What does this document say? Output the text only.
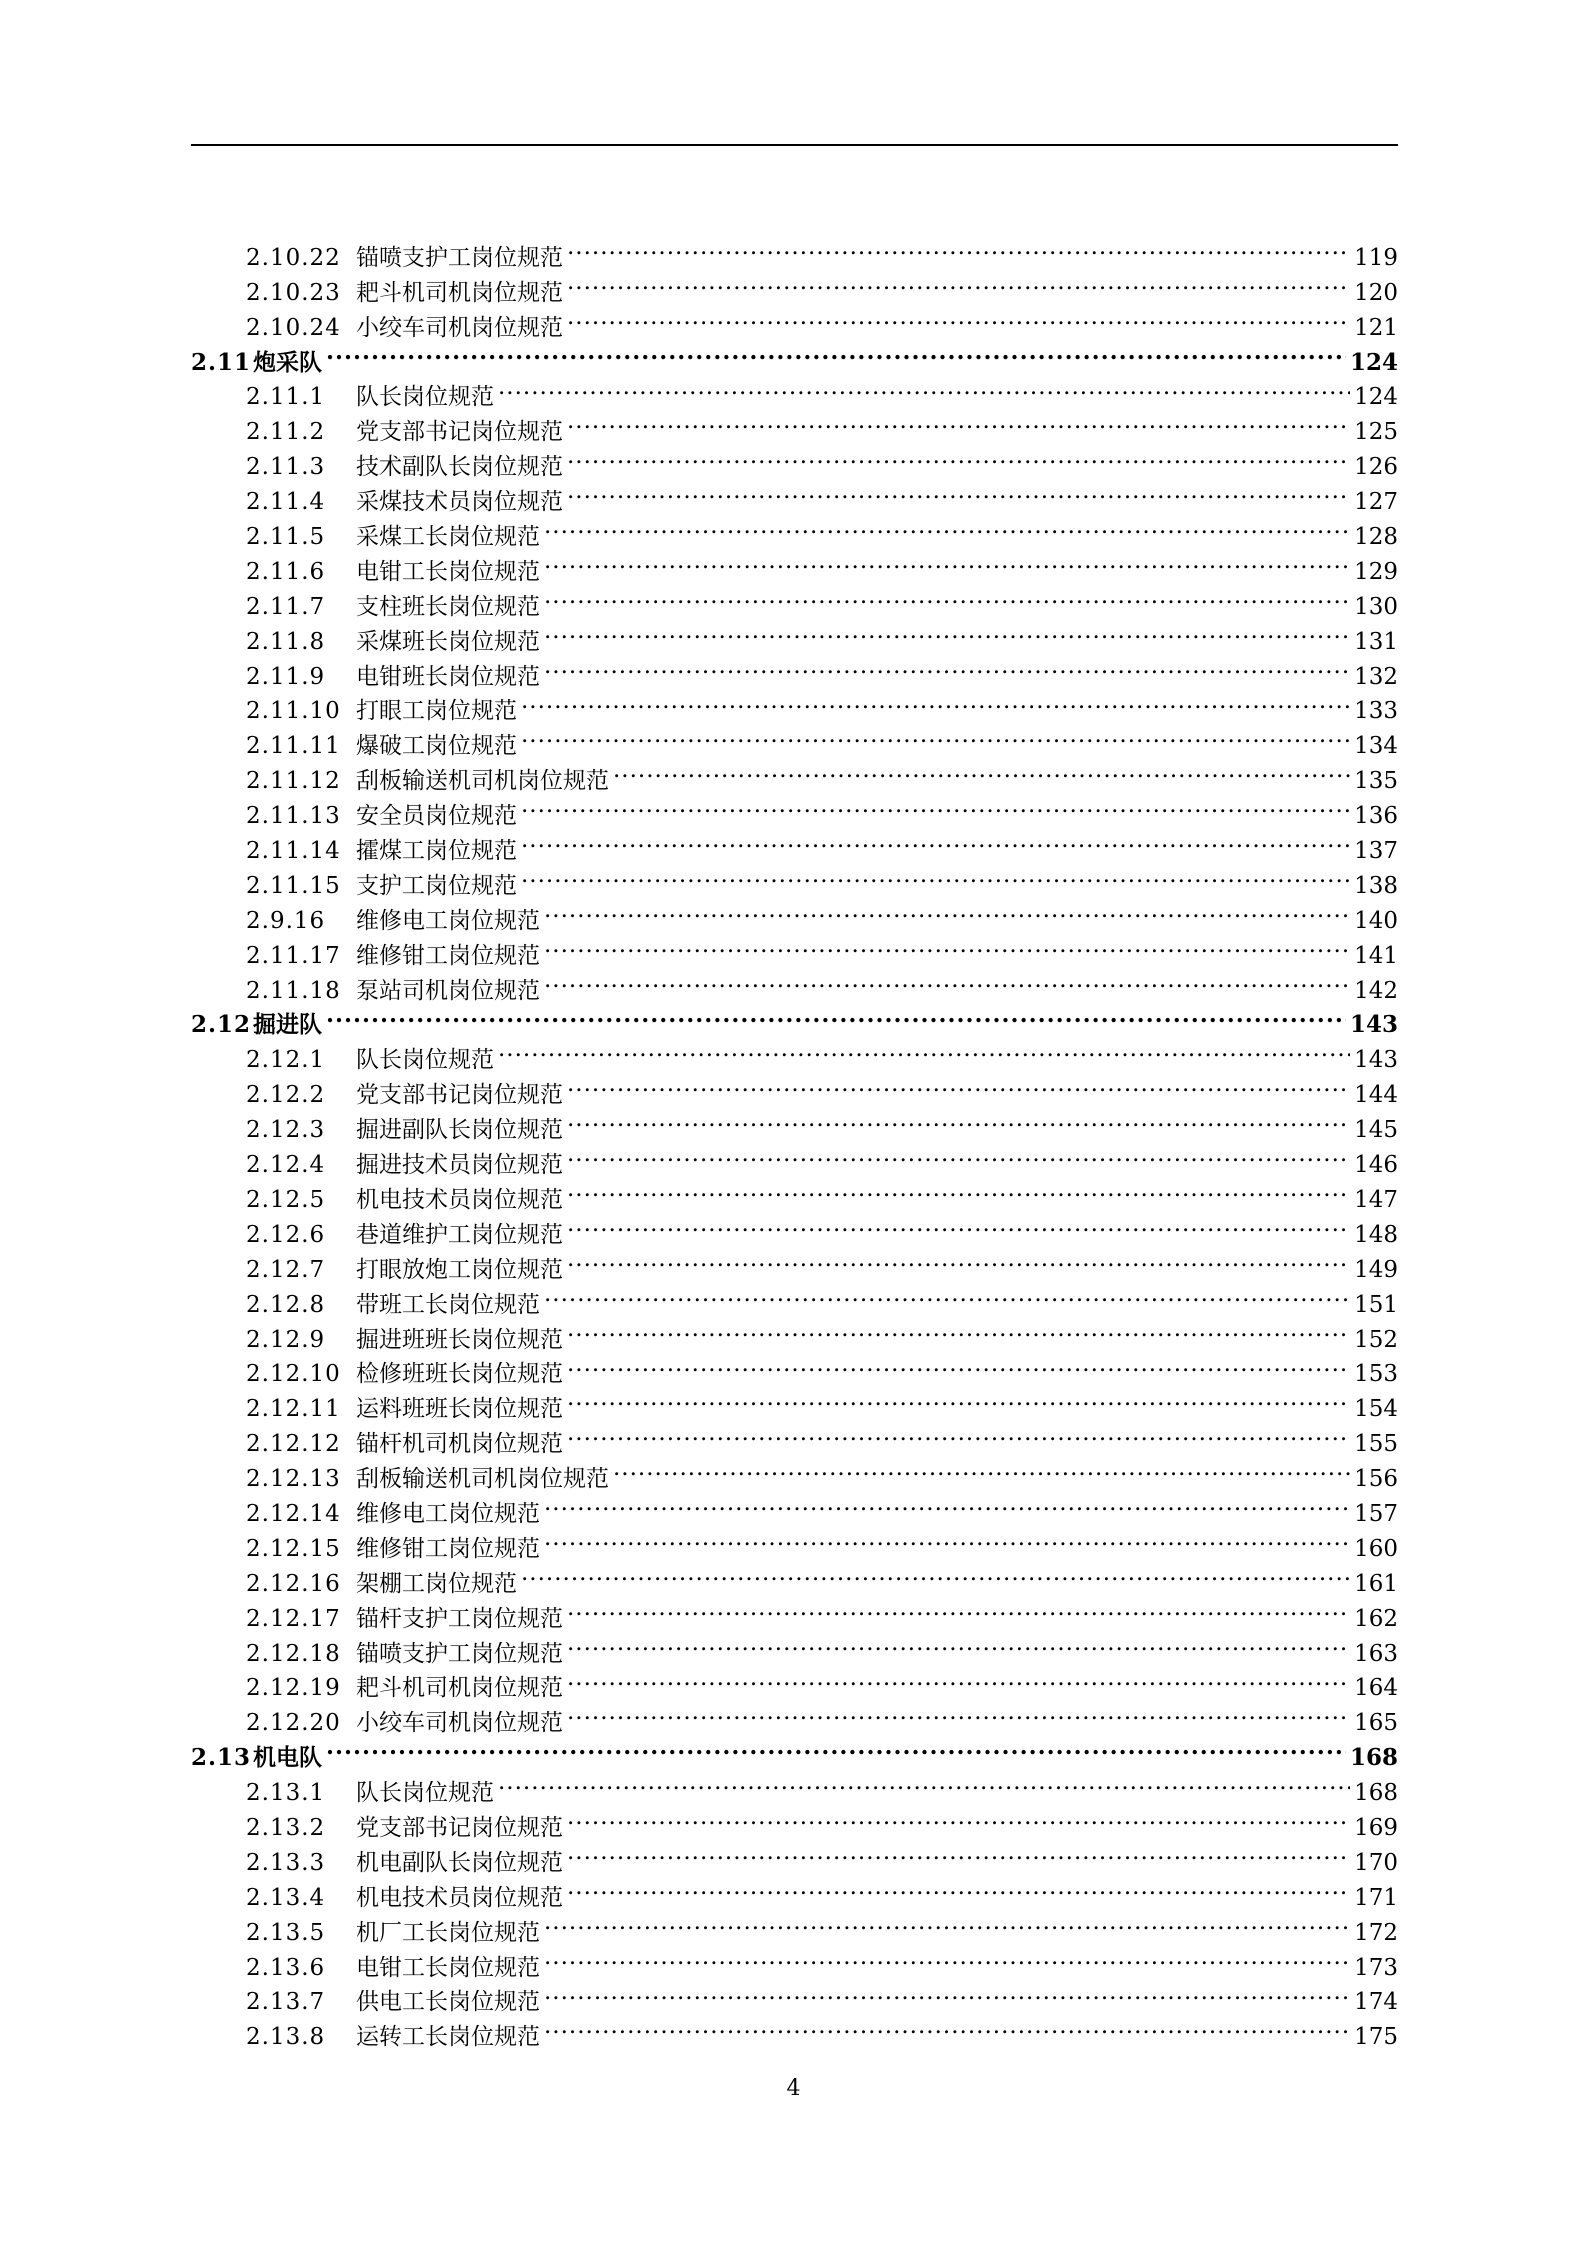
2.10.22 锚喷支护工岗位规范 .....	119
2.10.23 耙斗机司机岗位规范 .....	120
2.10.24 小绞车司机岗位规范 .....	121
2.11 炮采队 .....	124
2.11.1	队长岗位规范 .....	124
2.11.2	党支部书记岗位规范 .....	125
2.11.3	技术副队长岗位规范 .....	126
2.11.4	采煤技术员岗位规范 .....	127
2.11.5	采煤工长岗位规范 .....	128
2.11.6	电钳工长岗位规范 .....	129
2.11.7	支柱班长岗位规范 .....	130
2.11.8	采煤班长岗位规范 .....	131
2.11.9	电钳班长岗位规范 .....	132
2.11.10 打眼工岗位规范 .....	133
2.11.11 爆破工岗位规范 .....	134
2.11.12 刮板输送机司机岗位规范 .....	135
2.11.13 安全员岗位规范 .....	136
2.11.14 攉煤工岗位规范 .....	137
2.11.15 支护工岗位规范 .....	138
2.9.16	维修电工岗位规范 .....	140
2.11.17 维修钳工岗位规范 .....	141
2.11.18 泵站司机岗位规范 .....	142
2.12 掘进队 .....	143
2.12.1	队长岗位规范 .....	143
2.12.2	党支部书记岗位规范 .....	144
2.12.3	掘进副队长岗位规范 .....	145
2.12.4	掘进技术员岗位规范 .....	146
2.12.5	机电技术员岗位规范 .....	147
2.12.6	巷道维护工岗位规范 .....	148
2.12.7	打眼放炮工岗位规范 .....	149
2.12.8	带班工长岗位规范 .....	151
2.12.9	掘进班班长岗位规范 .....	152
2.12.10 检修班班长岗位规范 .....	153
2.12.11 运料班班长岗位规范 .....	154
2.12.12 锚杆机司机岗位规范 .....	155
2.12.13 刮板输送机司机岗位规范 .....	156
2.12.14 维修电工岗位规范 .....	157
2.12.15 维修钳工岗位规范 .....	160
2.12.16 架棚工岗位规范 .....	161
2.12.17 锚杆支护工岗位规范 .....	162
2.12.18 锚喷支护工岗位规范 .....	163
2.12.19 耙斗机司机岗位规范 .....	164
2.12.20 小绞车司机岗位规范 .....	165
2.13 机电队 .....	168
2.13.1	队长岗位规范 .....	168
2.13.2	党支部书记岗位规范 .....	169
2.13.3	机电副队长岗位规范 .....	170
2.13.4	机电技术员岗位规范 .....	171
2.13.5	机厂工长岗位规范 .....	172
2.13.6	电钳工长岗位规范 .....	173
2.13.7	供电工长岗位规范 .....	174
2.13.8	运转工长岗位规范 .....	175
4
